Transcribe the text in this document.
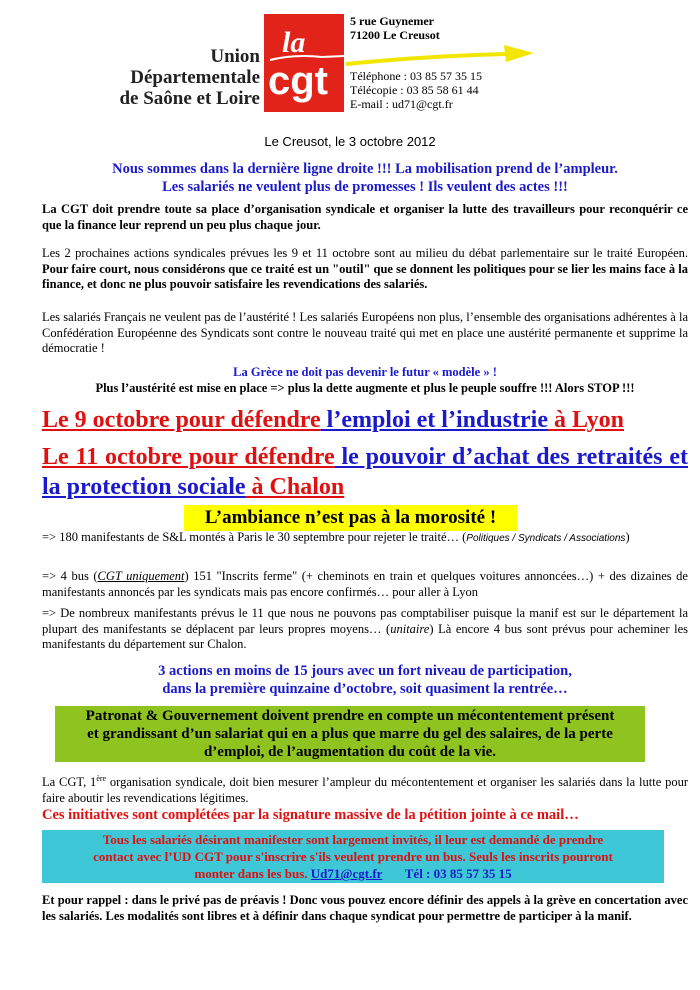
Union
Départementale
de Saône et Loire
la
cgt
5 rue Guynemer
71200 Le Creusot
Téléphone : 03 85 57 35 15
Télécopie : 03 85 58 61 44
E-mail : ud71@cgt.fr
Le Creusot, le 3 octobre 2012
Nous sommes dans la dernière ligne droite !!! La mobilisation prend de l’ampleur.
Les salariés ne veulent plus de promesses ! Ils veulent des actes !!!
La CGT doit prendre toute sa place d’organisation syndicale et organiser la lutte des travailleurs pour reconquérir ce que la finance leur reprend un peu plus chaque jour.
Les 2 prochaines actions syndicales prévues les 9 et 11 octobre sont au milieu du débat parlementaire sur le traité Européen. Pour faire court, nous considérons que ce traité est un "outil" que se donnent les politiques pour se lier les mains face à la finance, et donc ne plus pouvoir satisfaire les revendications des salariés.
Les salariés Français ne veulent pas de l’austérité ! Les salariés Européens non plus, l’ensemble des organisations adhérentes à la Confédération Européenne des Syndicats sont contre le nouveau traité qui met en place une austérité permanente et supprime la démocratie !
La Grèce ne doit pas devenir le futur « modèle » !
Plus l’austérité est mise en place => plus la dette augmente et plus le peuple souffre !!! Alors STOP !!!
Le 9 octobre pour défendre l’emploi et l’industrie à Lyon
Le 11 octobre pour défendre le pouvoir d’achat des retraités et la protection sociale à Chalon
L’ambiance n’est pas à la morosité !
=> 180 manifestants de S&L montés à Paris le 30 septembre pour rejeter le traité… (Politiques / Syndicats / Associations)
=> 4 bus (CGT uniquement) 151 "Inscrits ferme" (+ cheminots en train et quelques voitures annoncées…) + des dizaines de manifestants annoncés par les syndicats mais pas encore confirmés… pour aller à Lyon
=> De nombreux manifestants prévus le 11 que nous ne pouvons pas comptabiliser puisque la manif est sur le département la plupart des manifestants se déplacent par leurs propres moyens… (unitaire) Là encore 4 bus sont prévus pour acheminer les manifestants du département sur Chalon.
3 actions en moins de 15 jours avec un fort niveau de participation,
dans la première quinzaine d’octobre, soit quasiment la rentrée…
Patronat & Gouvernement doivent prendre en compte un mécontentement présent
et grandissant d’un salariat qui en a plus que marre du gel des salaires, de la perte
d’emploi, de l’augmentation du coût de la vie.
La CGT, 1ère organisation syndicale, doit bien mesurer l’ampleur du mécontentement et organiser les salariés dans la lutte pour faire aboutir les revendications légitimes.
Ces initiatives sont complétées par la signature massive de la pétition jointe à ce mail…
Tous les salariés désirant manifester sont largement invités, il leur est demandé de prendre
contact avec l’UD CGT pour s'inscrire s'ils veulent prendre un bus. Seuls les inscrits pourront
monter dans les bus. Ud71@cgt.fr       Tél : 03 85 57 35 15
Et pour rappel : dans le privé pas de préavis ! Donc vous pouvez encore définir des appels à la grève en concertation avec les salariés. Les modalités sont libres et à définir dans chaque syndicat pour permettre de participer à la manif.
